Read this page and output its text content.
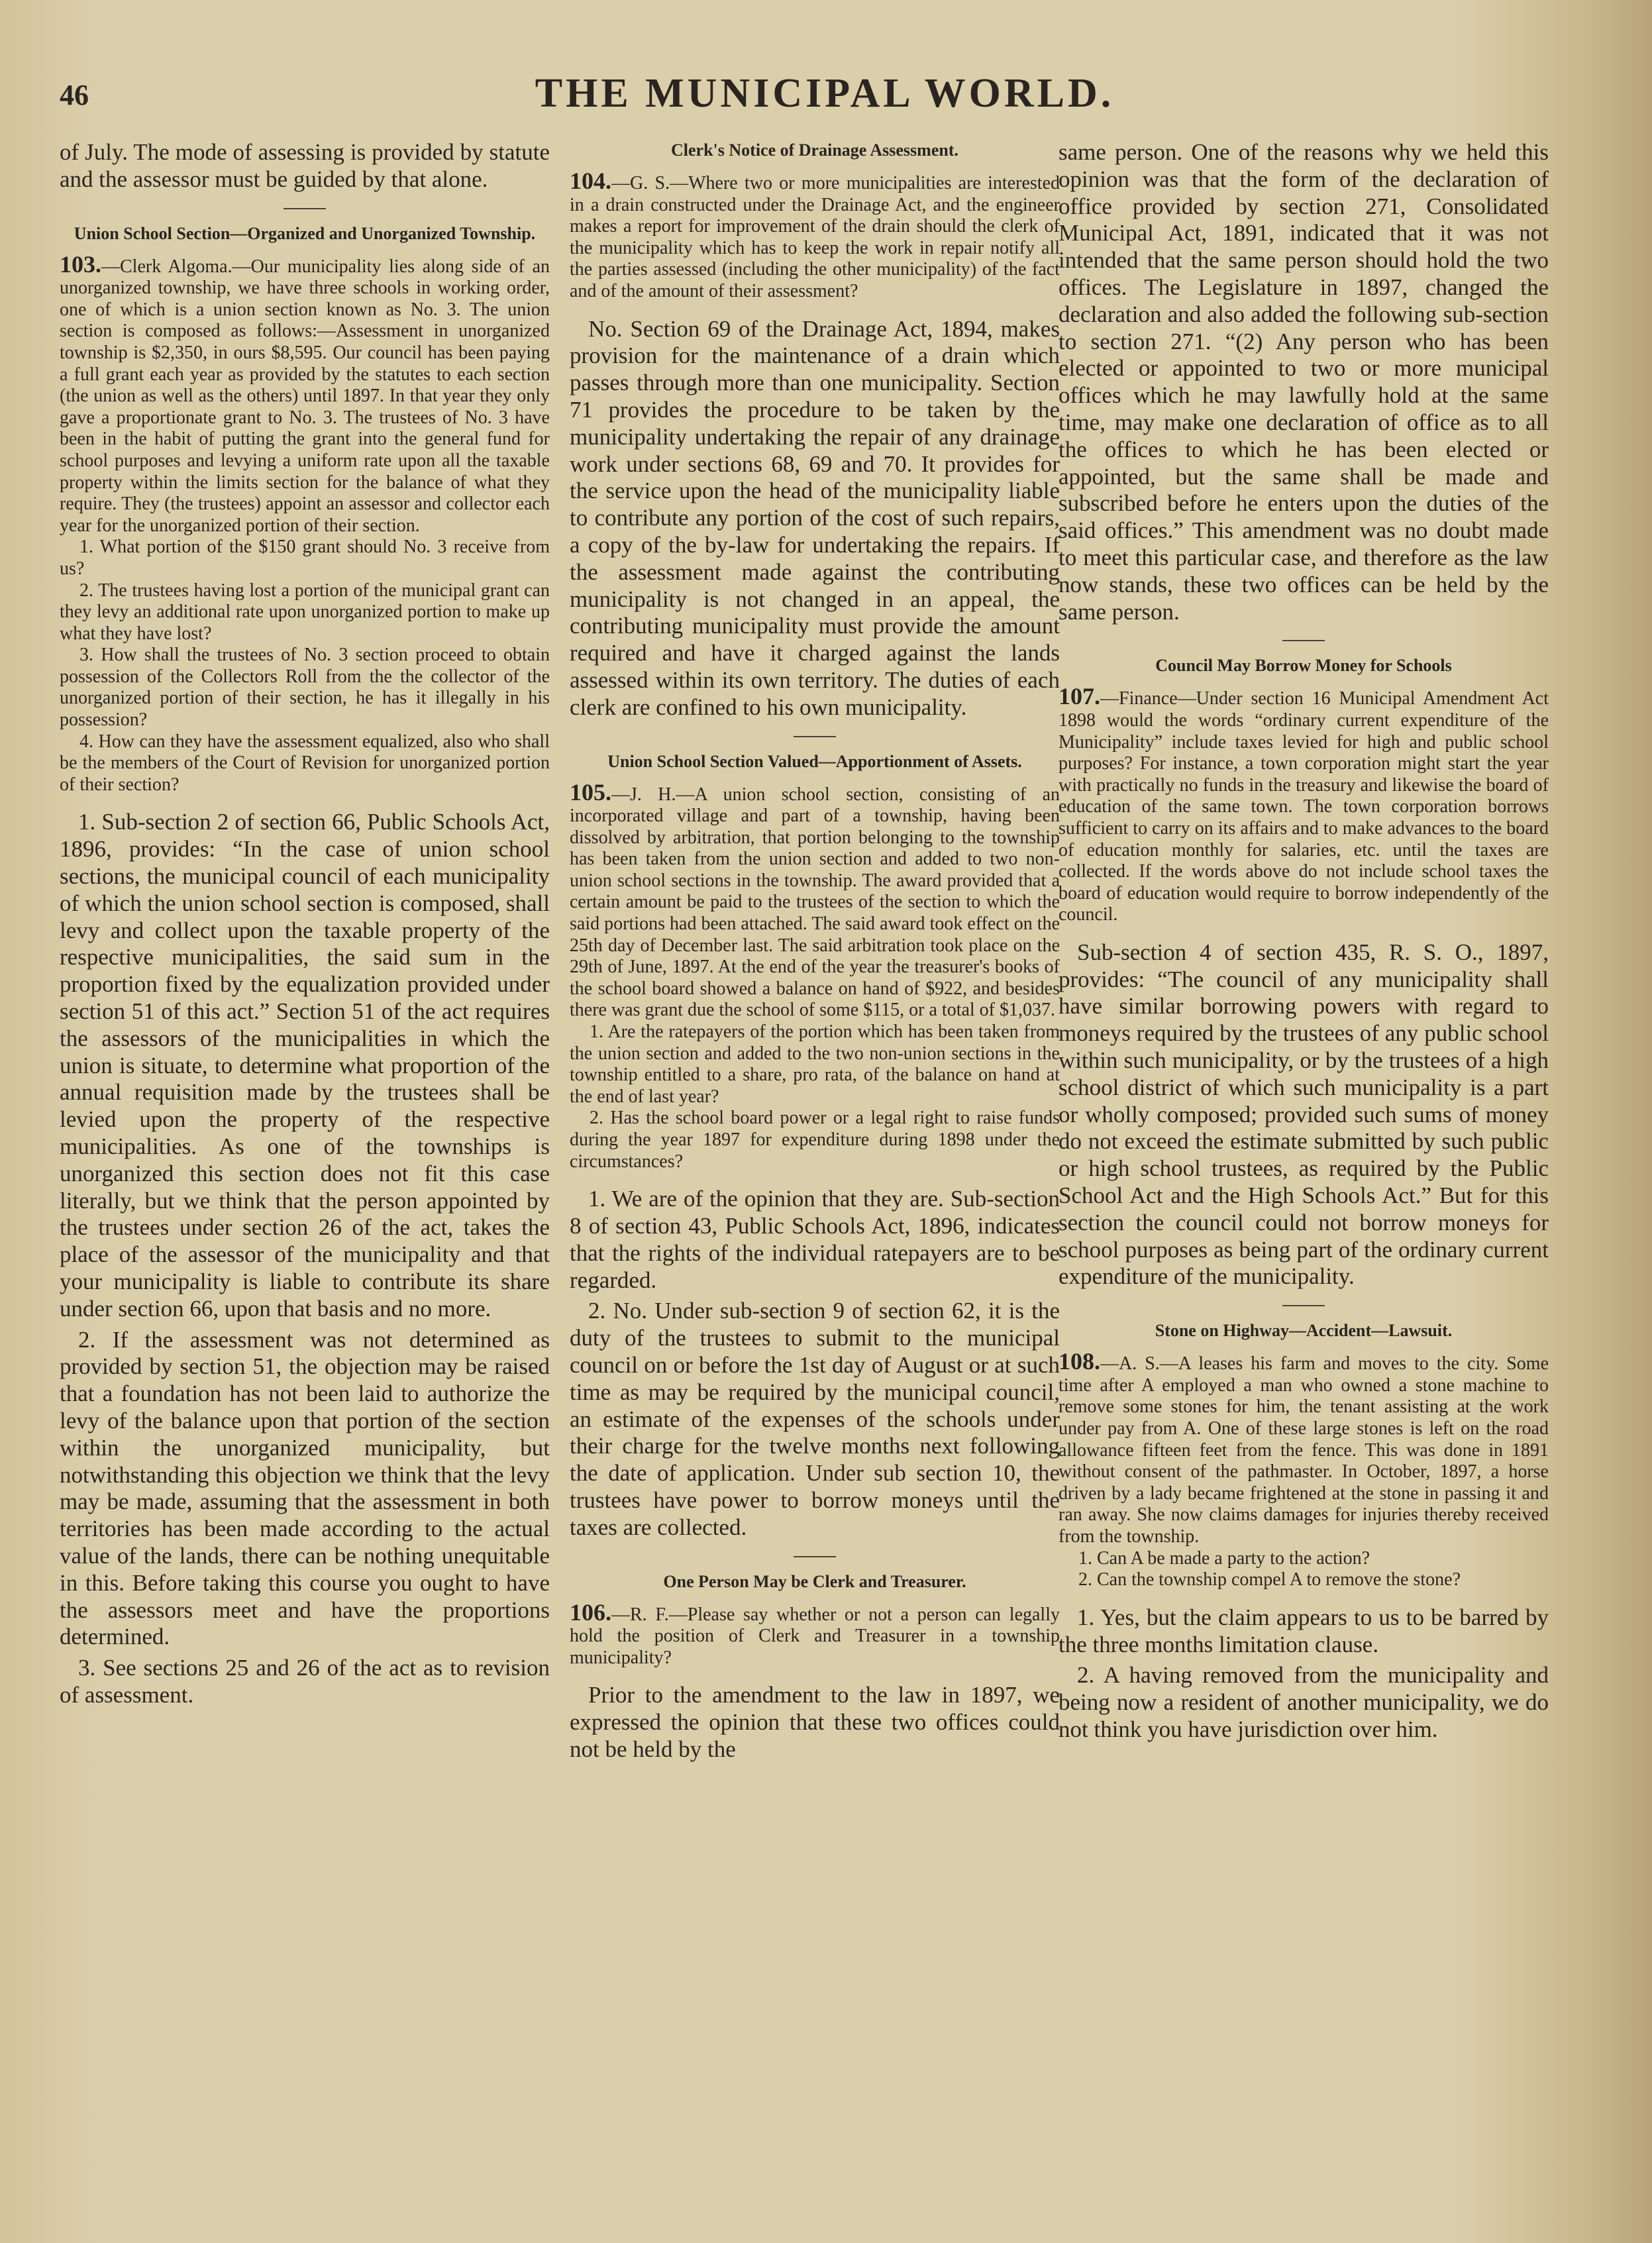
46	THE MUNICIPAL WORLD.

of July. The mode of assessing is provided by statute and the assessor must be guided by that alone.

Union School Section—Organized and Unorganized Township.

103.—Clerk Algoma.—Our municipality lies along side of an unorganized township, we have three schools in working order, one of which is a union section known as No. 3. The union section is composed as follows:—Assessment in unorganized township is $2,350, in ours $8,595. Our council has been paying a full grant each year as provided by the statutes to each section (the union as well as the others) until 1897. In that year they only gave a proportionate grant to No. 3. The trustees of No. 3 have been in the habit of putting the grant into the general fund for school purposes and levying a uniform rate upon all the taxable property within the limits section for the balance of what they require. They (the trustees) appoint an assessor and collector each year for the unorganized portion of their section.

1. What portion of the $150 grant should No. 3 receive from us?

2. The trustees having lost a portion of the municipal grant can they levy an additional rate upon unorganized portion to make up what they have lost?

3. How shall the trustees of No. 3 section proceed to obtain possession of the Collectors Roll from the the collector of the unorganized portion of their section, he has it illegally in his possession?

4. How can they have the assessment equalized, also who shall be the members of the Court of Revision for unorganized portion of their section?

1. Sub-section 2 of section 66, Public Schools Act, 1896, provides: “In the case of union school sections, the municipal council of each municipality of which the union school section is composed, shall levy and collect upon the taxable property of the respective municipalities, the said sum in the proportion fixed by the equalization provided under section 51 of this act.” Section 51 of the act requires the assessors of the municipalities in which the union is situate, to determine what proportion of the annual requisition made by the trustees shall be levied upon the property of the respective municipalities. As one of the townships is unorganized this section does not fit this case literally, but we think that the person appointed by the trustees under section 26 of the act, takes the place of the assessor of the municipality and that your municipality is liable to contribute its share under section 66, upon that basis and no more.

2. If the assessment was not determined as provided by section 51, the objection may be raised that a foundation has not been laid to authorize the levy of the balance upon that portion of the section within the unorganized municipality, but notwithstanding this objection we think that the levy may be made, assuming that the assessment in both territories has been made according to the actual value of the lands, there can be nothing unequitable in this. Before taking this course you ought to have the assessors meet and have the proportions determined.

3. See sections 25 and 26 of the act as to revision of assessment.

Clerk's Notice of Drainage Assessment.

104.—G. S.—Where two or more municipalities are interested in a drain constructed under the Drainage Act, and the engineer makes a report for improvement of the drain should the clerk of the municipality which has to keep the work in repair notify all the parties assessed (including the other municipality) of the fact and of the amount of their assessment?

No. Section 69 of the Drainage Act, 1894, makes provision for the maintenance of a drain which passes through more than one municipality. Section 71 provides the procedure to be taken by the municipality undertaking the repair of any drainage work under sections 68, 69 and 70. It provides for the service upon the head of the municipality liable to contribute any portion of the cost of such repairs, a copy of the by-law for undertaking the repairs. If the assessment made against the contributing municipality is not changed in an appeal, the contributing municipality must provide the amount required and have it charged against the lands assessed within its own territory. The duties of each clerk are confined to his own municipality.

Union School Section Valued—Apportionment of Assets.

105.—J. H.—A union school section, consisting of an incorporated village and part of a township, having been dissolved by arbitration, that portion belonging to the township has been taken from the union section and added to two non-union school sections in the township. The award provided that a certain amount be paid to the trustees of the section to which the said portions had been attached. The said award took effect on the 25th day of December last. The said arbitration took place on the 29th of June, 1897. At the end of the year the treasurer's books of the school board showed a balance on hand of $922, and besides there was grant due the school of some $115, or a total of $1,037.

1. Are the ratepayers of the portion which has been taken from the union section and added to the two non-union sections in the township entitled to a share, pro rata, of the balance on hand at the end of last year?

2. Has the school board power or a legal right to raise funds during the year 1897 for expenditure during 1898 under the circumstances?

1. We are of the opinion that they are. Sub-section 8 of section 43, Public Schools Act, 1896, indicates that the rights of the individual ratepayers are to be regarded.

2. No. Under sub-section 9 of section 62, it is the duty of the trustees to submit to the municipal council on or before the 1st day of August or at such time as may be required by the municipal council, an estimate of the expenses of the schools under their charge for the twelve months next following the date of application. Under sub section 10, the trustees have power to borrow moneys until the taxes are collected.

One Person May be Clerk and Treasurer.

106.—R. F.—Please say whether or not a person can legally hold the position of Clerk and Treasurer in a township municipality?

Prior to the amendment to the law in 1897, we expressed the opinion that these two offices could not be held by the

same person. One of the reasons why we held this opinion was that the form of the declaration of office provided by section 271, Consolidated Municipal Act, 1891, indicated that it was not intended that the same person should hold the two offices. The Legislature in 1897, changed the declaration and also added the following sub-section to section 271. “(2) Any person who has been elected or appointed to two or more municipal offices which he may lawfully hold at the same time, may make one declaration of office as to all the offices to which he has been elected or appointed, but the same shall be made and subscribed before he enters upon the duties of the said offices.” This amendment was no doubt made to meet this particular case, and therefore as the law now stands, these two offices can be held by the same person.

Council May Borrow Money for Schools

107.—Finance—Under section 16 Municipal Amendment Act 1898 would the words “ordinary current expenditure of the Municipality” include taxes levied for high and public school purposes? For instance, a town corporation might start the year with practically no funds in the treasury and likewise the board of education of the same town. The town corporation borrows sufficient to carry on its affairs and to make advances to the board of education monthly for salaries, etc. until the taxes are collected. If the words above do not include school taxes the board of education would require to borrow independently of the council.

Sub-section 4 of section 435, R. S. O., 1897, provides: “The council of any municipality shall have similar borrowing powers with regard to moneys required by the trustees of any public school within such municipality, or by the trustees of a high school district of which such municipality is a part or wholly composed; provided such sums of money do not exceed the estimate submitted by such public or high school trustees, as required by the Public School Act and the High Schools Act.” But for this section the council could not borrow moneys for school purposes as being part of the ordinary current expenditure of the municipality.

Stone on Highway—Accident—Lawsuit.

108.—A. S.—A leases his farm and moves to the city. Some time after A employed a man who owned a stone machine to remove some stones for him, the tenant assisting at the work under pay from A. One of these large stones is left on the road allowance fifteen feet from the fence. This was done in 1891 without consent of the pathmaster. In October, 1897, a horse driven by a lady became frightened at the stone in passing it and ran away. She now claims damages for injuries thereby received from the township.

1. Can A be made a party to the action?

2. Can the township compel A to remove the stone?

1. Yes, but the claim appears to us to be barred by the three months limitation clause.

2. A having removed from the municipality and being now a resident of another municipality, we do not think you have jurisdiction over him.
